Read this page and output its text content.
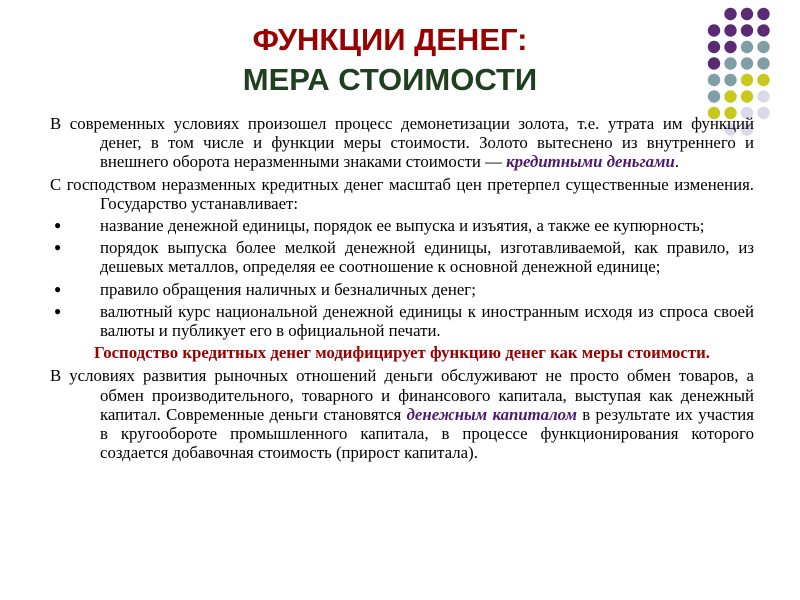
ФУНКЦИИ ДЕНЕГ:
МЕРА СТОИМОСТИ

В современных условиях произошел процесс демонетизации золота, т.е. утрата им функций денег, в том числе и функции меры стоимости. Золото вытеснено из внутреннего и внешнего оборота неразменными знаками стоимости — кредитными деньгами.

С господством неразменных кредитных денег масштаб цен претерпел существенные изменения. Государство устанавливает:

● название денежной единицы, порядок ее выпуска и изъятия, а также ее купюрность;
● порядок выпуска более мелкой денежной единицы, изготавливаемой, как правило, из дешевых металлов, определяя ее соотношение к основной денежной единице;
● правило обращения наличных и безналичных денег;
● валютный курс национальной денежной единицы к иностранным исходя из спроса своей валюты и публикует его в официальной печати.

Господство кредитных денег модифицирует функцию денег как меры стоимости.

В условиях развития рыночных отношений деньги обслуживают не просто обмен товаров, а обмен производительного, товарного и финансового капитала, выступая как денежный капитал. Современные деньги становятся денежным капиталом в результате их участия в кругообороте промышленного капитала, в процессе функционирования которого создается добавочная стоимость (прирост капитала).
